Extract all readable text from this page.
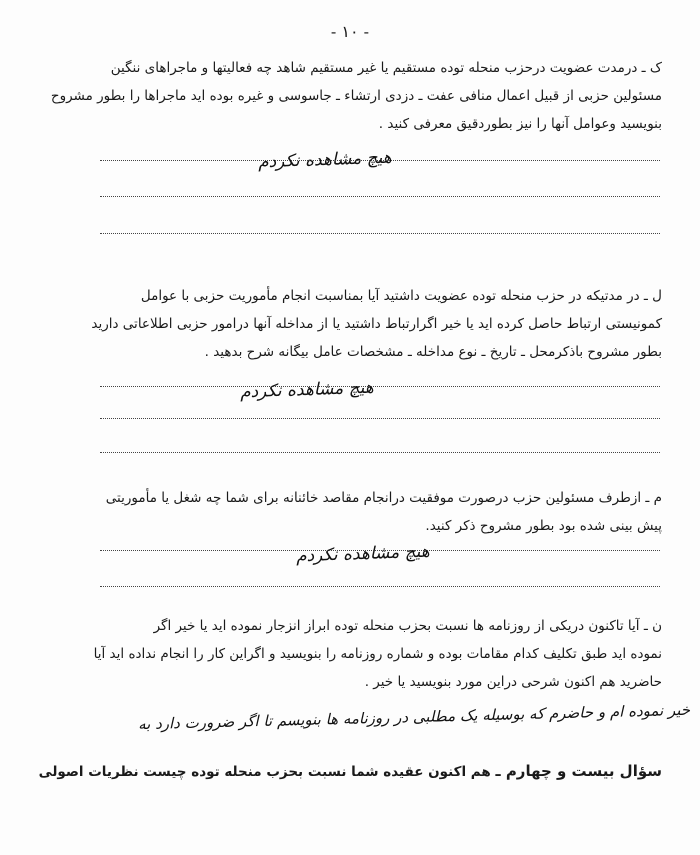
- ۱۰ -

ک ـ درمدت عضویت درحزب منحله توده مستقیم یا غیر مستقیم شاهد چه فعالیتها و ماجراهای ننگین

مسئولین حزبی از قبیل اعمال منافی عفت ـ دزدی ارتشاء ـ جاسوسی و غیره بوده اید ماجراها را بطور مشروح

بنویسید وعوامل آنها را نیز بطوردقیق معرفی کنید .

هیچ مشاهده نکردم

ل ـ در مدتیکه در حزب منحله توده عضویت داشتید آیا بمناسبت انجام مأموریت حزبی با عوامل

کمونیستی ارتباط حاصل کرده اید یا خیر اگرارتباط داشتید یا از مداخله آنها درامور حزبی اطلاعاتی دارید

بطور مشروح باذکرمحل ـ تاریخ ـ نوع مداخله ـ مشخصات عامل بیگانه شرح بدهید .

هیچ مشاهده نکردم

م ـ ازطرف مسئولین حزب درصورت موفقیت درانجام مقاصد خائنانه برای شما چه شغل یا مأموریتی

پیش بینی شده بود بطور مشروح ذکر کنید.

هیچ مشاهده نکردم

ن ـ آیا تاکنون دریکی از روزنامه ها نسبت بحزب منحله توده ابراز انزجار نموده اید یا خیر اگر

نموده اید طبق تکلیف کدام مقامات بوده و شماره روزنامه را بنویسید و اگراین کار را انجام نداده اید آیا

حاضرید هم اکنون شرحی دراین مورد بنویسید یا خیر .

خیر نموده ام و حاضرم که بوسیله یک مطلبی در روزنامه ها بنویسم تا اگر ضرورت دارد به
سؤال بیست و چهارم ـ هم اکنون عقیده شما نسبت بحزب منحله توده چیست نظریات اصولی
